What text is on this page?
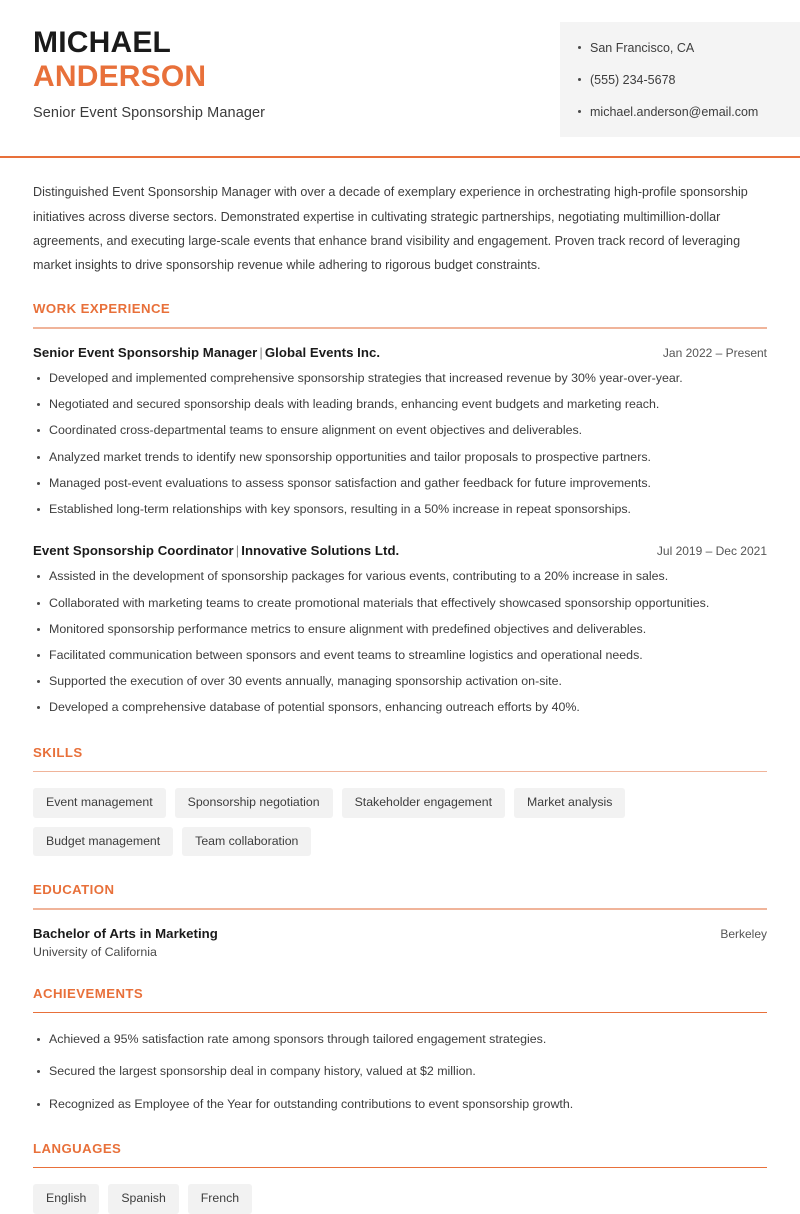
MICHAEL
ANDERSON
Senior Event Sponsorship Manager
San Francisco, CA
(555) 234-5678
michael.anderson@email.com
Distinguished Event Sponsorship Manager with over a decade of exemplary experience in orchestrating high-profile sponsorship initiatives across diverse sectors. Demonstrated expertise in cultivating strategic partnerships, negotiating multimillion-dollar agreements, and executing large-scale events that enhance brand visibility and engagement. Proven track record of leveraging market insights to drive sponsorship revenue while adhering to rigorous budget constraints.
WORK EXPERIENCE
Senior Event Sponsorship Manager | Global Events Inc.	Jan 2022 – Present
Developed and implemented comprehensive sponsorship strategies that increased revenue by 30% year-over-year.
Negotiated and secured sponsorship deals with leading brands, enhancing event budgets and marketing reach.
Coordinated cross-departmental teams to ensure alignment on event objectives and deliverables.
Analyzed market trends to identify new sponsorship opportunities and tailor proposals to prospective partners.
Managed post-event evaluations to assess sponsor satisfaction and gather feedback for future improvements.
Established long-term relationships with key sponsors, resulting in a 50% increase in repeat sponsorships.
Event Sponsorship Coordinator | Innovative Solutions Ltd.	Jul 2019 – Dec 2021
Assisted in the development of sponsorship packages for various events, contributing to a 20% increase in sales.
Collaborated with marketing teams to create promotional materials that effectively showcased sponsorship opportunities.
Monitored sponsorship performance metrics to ensure alignment with predefined objectives and deliverables.
Facilitated communication between sponsors and event teams to streamline logistics and operational needs.
Supported the execution of over 30 events annually, managing sponsorship activation on-site.
Developed a comprehensive database of potential sponsors, enhancing outreach efforts by 40%.
SKILLS
Event management	Sponsorship negotiation	Stakeholder engagement	Market analysis
Budget management	Team collaboration
EDUCATION
Bachelor of Arts in Marketing	Berkeley
University of California
ACHIEVEMENTS
Achieved a 95% satisfaction rate among sponsors through tailored engagement strategies.
Secured the largest sponsorship deal in company history, valued at $2 million.
Recognized as Employee of the Year for outstanding contributions to event sponsorship growth.
LANGUAGES
English	Spanish	French
